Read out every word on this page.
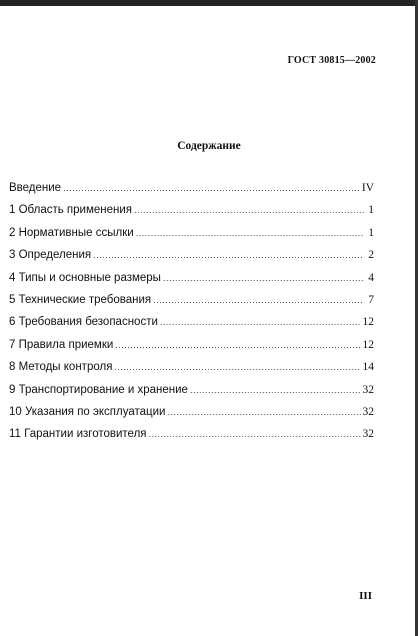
ГОСТ 30815—2002
Содержание
Введение .....	IV
1 Область применения .....	1
2 Нормативные ссылки .....	1
3 Определения .....	2
4 Типы и основные размеры .....	4
5 Технические требования .....	7
6 Требования безопасности .....	12
7 Правила приемки .....	12
8 Методы контроля .....	14
9 Транспортирование и хранение .....	32
10 Указания по эксплуатации .....	32
11 Гарантии изготовителя .....	32
III
